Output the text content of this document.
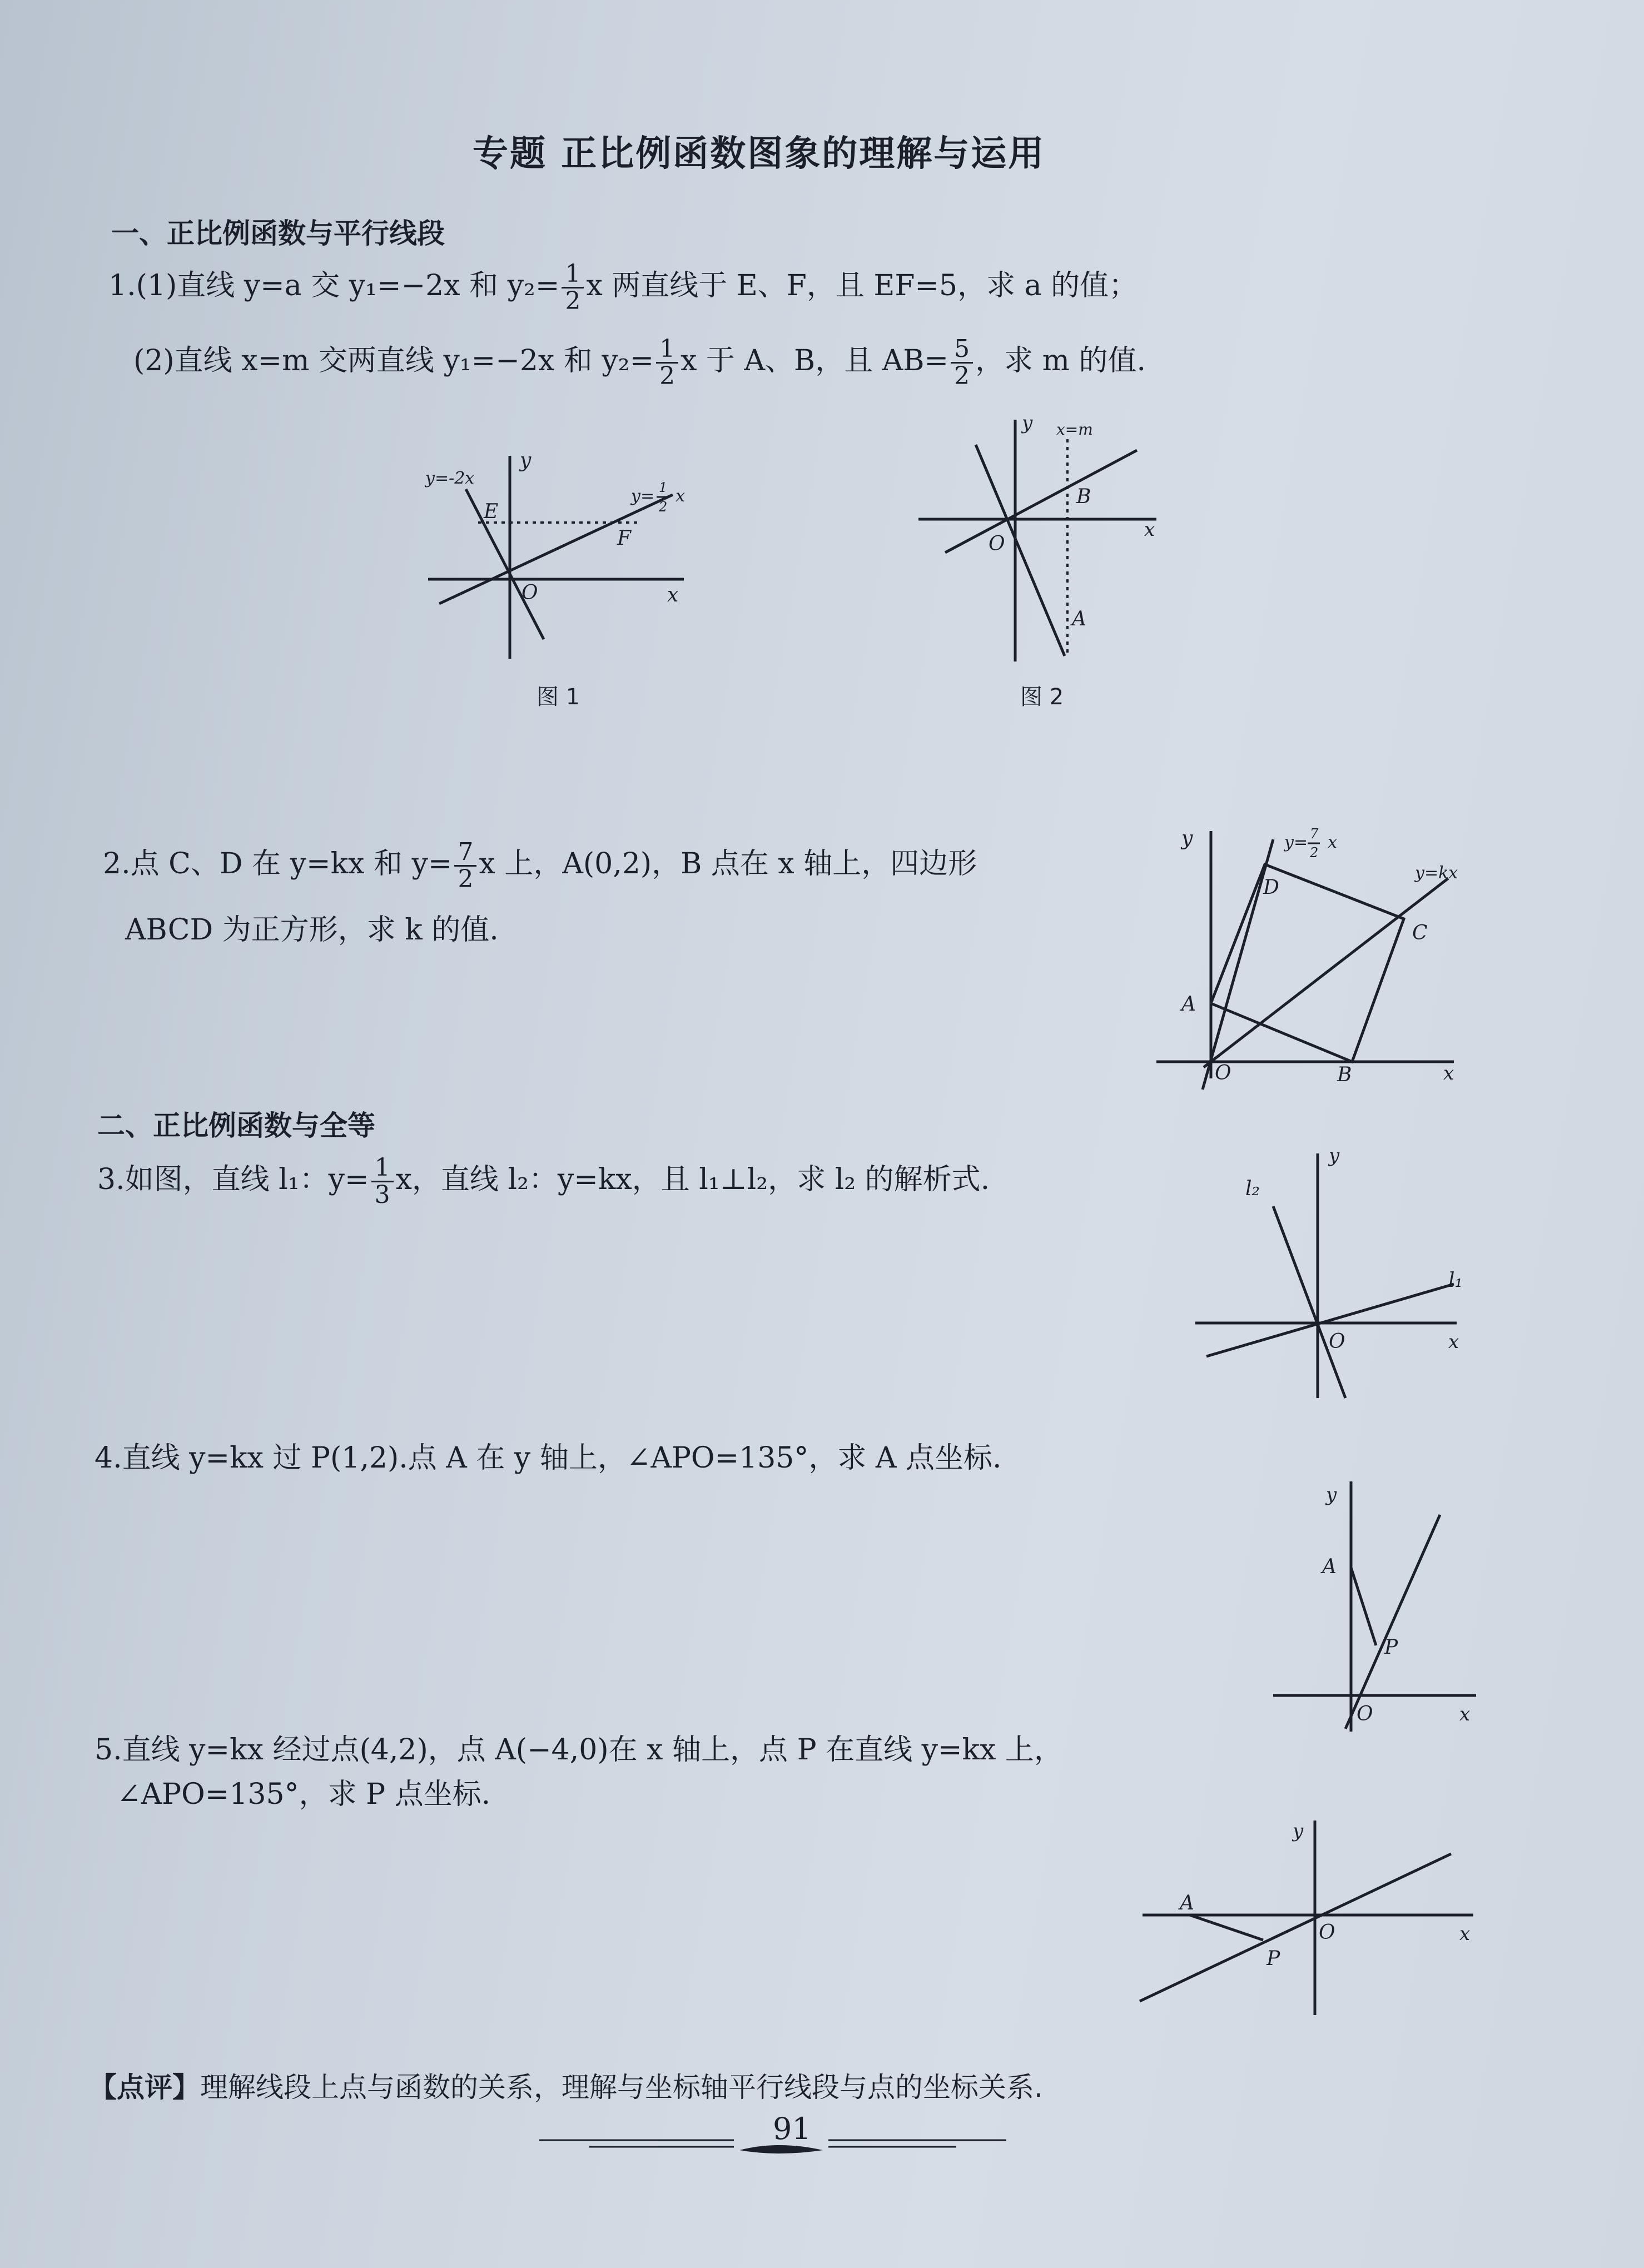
专题 正比例函数图象的理解与运用
一、正比例函数与平行线段
1.(1)直线 y=a 交 y₁=−2x 和 $y_2= \frac{1}{2}$ x 两直线于 E、F，且 EF=5，求 a 的值；
(2)直线 x=m 交两直线 y₁=−2x 和 $y_2= \frac{1}{2}$ x 于 A、B，且 $AB= \frac{5}{2}$ ，求 m 的值.
y=-2x
y= x
1
2
E
F
O	x
y
图 1
x=m
y
B
O
x
A
图 2
2.点 C、D 在 y=kx 和 $y= \frac{7}{2}$ x 上，A(0,2)，B 点在 x 轴上，四边形
ABCD 为正方形，求 k 的值.
y	y= x
7
2
y=kx
D
C
A
O	B	x
二、正比例函数与全等
3.如图，直线 l₁：$y= \frac{1}{3}$ x，直线 l₂：y=kx，且 l₁⊥l₂，求 l₂ 的解析式.
y
l₂
l₁
O	x
4.直线 y=kx 过 P(1,2).点 A 在 y 轴上，∠APO=135°，求 A 点坐标.
y
A
P
O	x
5.直线 y=kx 经过点(4,2)，点 A(−4,0)在 x 轴上，点 P 在直线 y=kx 上，
∠APO=135°，求 P 点坐标.
y
A
O	x
P
【点评】理解线段上点与函数的关系，理解与坐标轴平行线段与点的坐标关系.
91
